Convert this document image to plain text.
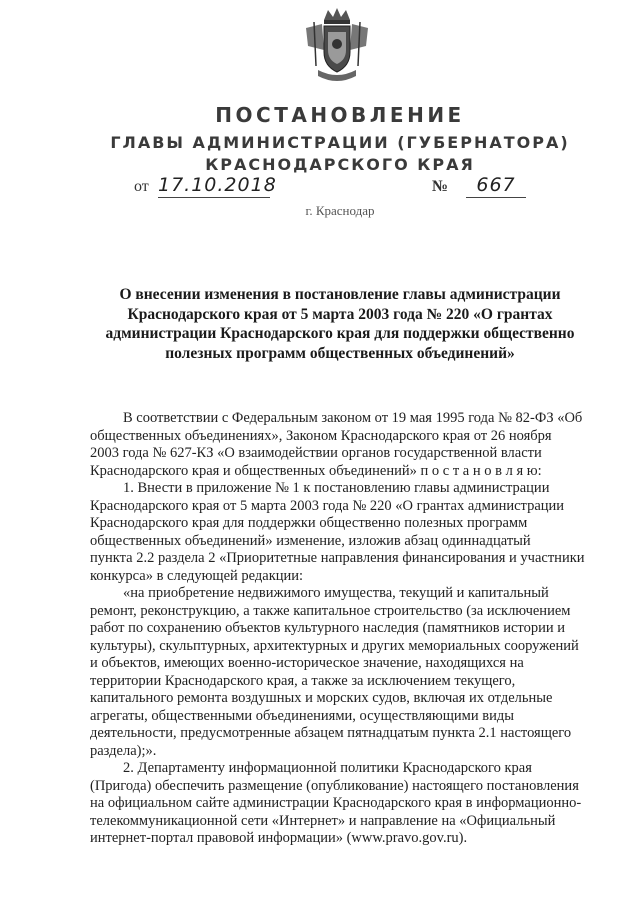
ПОСТАНОВЛЕНИЕ
ГЛАВЫ АДМИНИСТРАЦИИ (ГУБЕРНАТОРА)
КРАСНОДАРСКОГО КРАЯ
от 17.10.2018	№	667
г. Краснодар
О внесении изменения в постановление главы администрации
Краснодарского края от 5 марта 2003 года № 220 «О грантах
администрации Краснодарского края для поддержки общественно
полезных программ общественных объединений»
В соответствии с Федеральным законом от 19 мая 1995 года № 82-ФЗ «Об
общественных объединениях», Законом Краснодарского края от 26 ноября
2003 года № 627-КЗ «О взаимодействии органов государственной власти
Краснодарского края и общественных объединений» п о с т а н о в л я ю:
1. Внести в приложение № 1 к постановлению главы администрации
Краснодарского края от 5 марта 2003 года № 220 «О грантах администрации
Краснодарского края для поддержки общественно полезных программ
общественных объединений» изменение, изложив абзац одиннадцатый
пункта 2.2 раздела 2 «Приоритетные направления финансирования и участники
конкурса» в следующей редакции:
«на приобретение недвижимого имущества, текущий и капитальный
ремонт, реконструкцию, а также капитальное строительство (за исключением
работ по сохранению объектов культурного наследия (памятников истории и
культуры), скульптурных, архитектурных и других мемориальных сооружений
и объектов, имеющих военно-историческое значение, находящихся на
территории Краснодарского края, а также за исключением текущего,
капитального ремонта воздушных и морских судов, включая их отдельные
агрегаты, общественными объединениями, осуществляющими виды
деятельности, предусмотренные абзацем пятнадцатым пункта 2.1 настоящего
раздела);».
2. Департаменту информационной политики Краснодарского края
(Пригода) обеспечить размещение (опубликование) настоящего постановления
на официальном сайте администрации Краснодарского края в информационно-
телекоммуникационной сети «Интернет» и направление на «Официальный
интернет-портал правовой информации» (www.pravo.gov.ru).
